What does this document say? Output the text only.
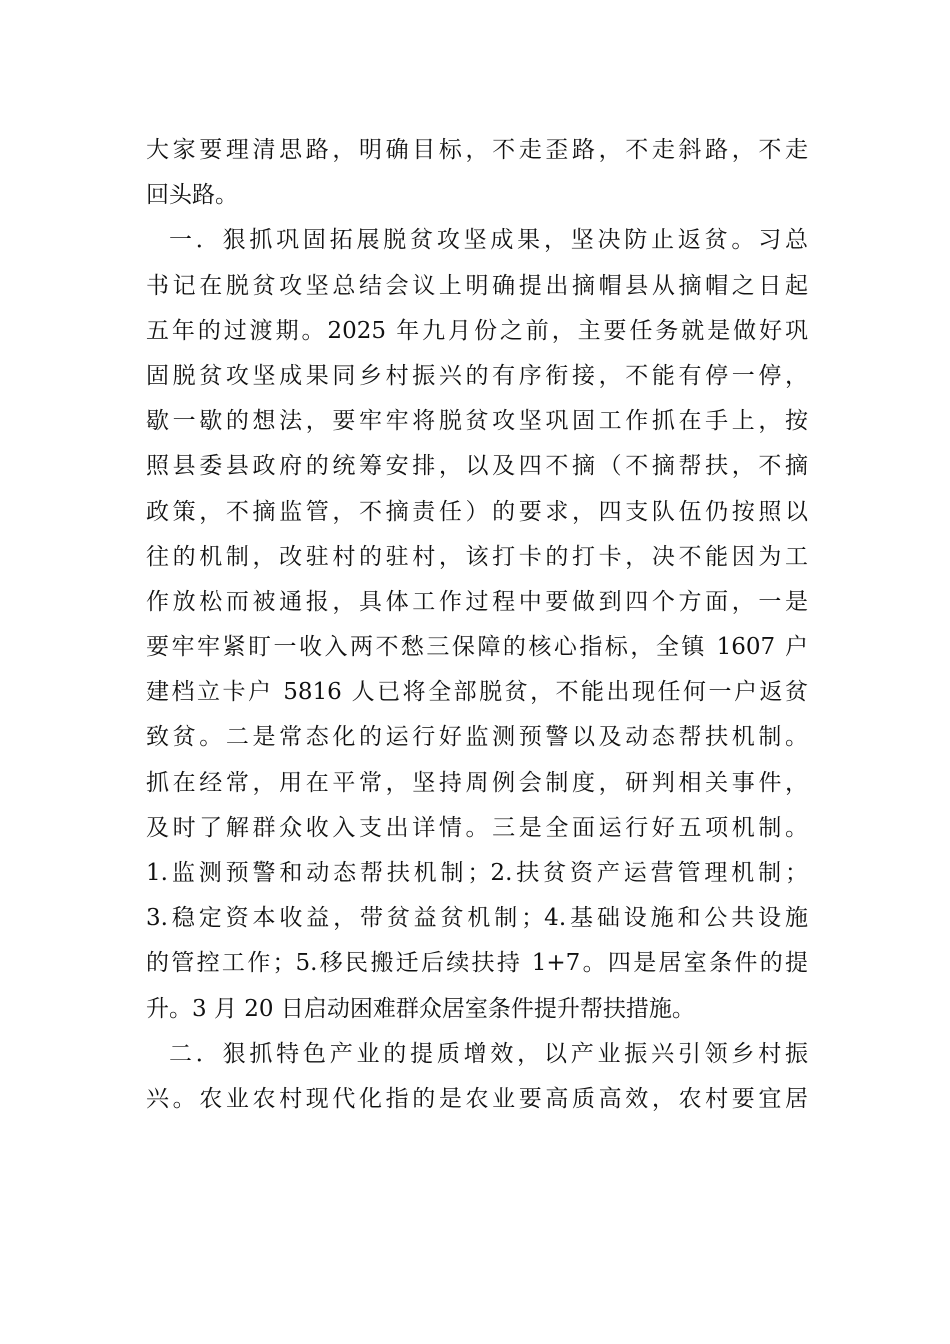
大家要理清思路，明确目标，不走歪路，不走斜路，不走
回头路。
一．狠抓巩固拓展脱贫攻坚成果，坚决防止返贫。习总
书记在脱贫攻坚总结会议上明确提出摘帽县从摘帽之日起
五年的过渡期。2025 年九月份之前，主要任务就是做好巩
固脱贫攻坚成果同乡村振兴的有序衔接，不能有停一停，
歇一歇的想法，要牢牢将脱贫攻坚巩固工作抓在手上，按
照县委县政府的统筹安排，以及四不摘（不摘帮扶，不摘
政策，不摘监管，不摘责任）的要求，四支队伍仍按照以
往的机制，改驻村的驻村，该打卡的打卡，决不能因为工
作放松而被通报，具体工作过程中要做到四个方面，一是
要牢牢紧盯一收入两不愁三保障的核心指标，全镇 1607 户
建档立卡户 5816 人已将全部脱贫，不能出现任何一户返贫
致贫。二是常态化的运行好监测预警以及动态帮扶机制。
抓在经常，用在平常，坚持周例会制度，研判相关事件，
及时了解群众收入支出详情。三是全面运行好五项机制。
1.监测预警和动态帮扶机制；2.扶贫资产运营管理机制；
3.稳定资本收益，带贫益贫机制；4.基础设施和公共设施
的管控工作；5.移民搬迁后续扶持 1+7。四是居室条件的提
升。3 月 20 日启动困难群众居室条件提升帮扶措施。
二．狠抓特色产业的提质增效，以产业振兴引领乡村振
兴。农业农村现代化指的是农业要高质高效，农村要宜居
